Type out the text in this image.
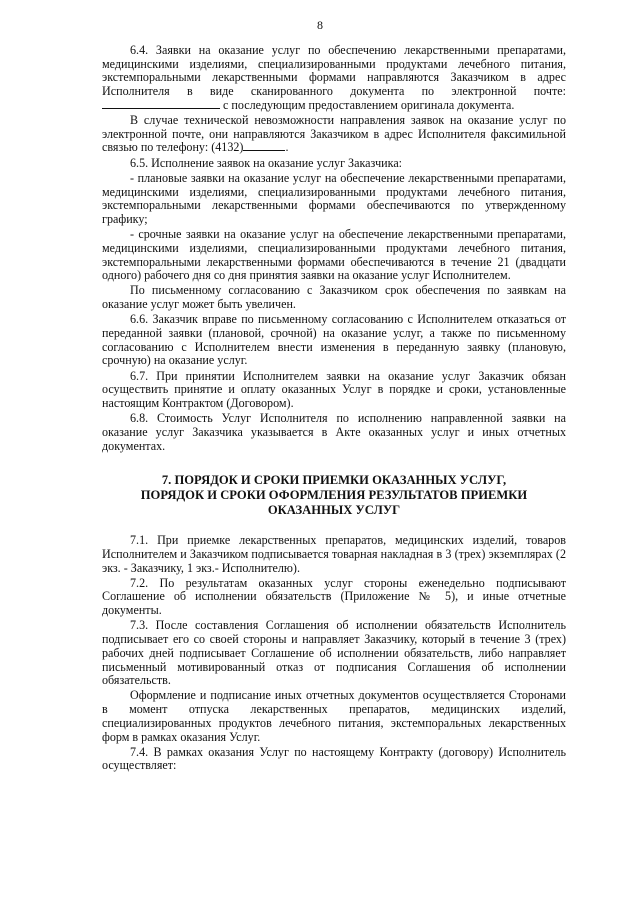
8

6.4. Заявки на оказание услуг по обеспечению лекарственными препаратами, медицинскими изделиями, специализированными продуктами лечебного питания, экстемпоральными лекарственными формами направляются Заказчиком в адрес Исполнителя в виде сканированного документа по электронной почте:  с последующим предоставлением оригинала документа.

В случае технической невозможности направления заявок на оказание услуг по электронной почте, они направляются Заказчиком в адрес Исполнителя факсимильной связью по телефону: (4132)	.

6.5. Исполнение заявок на оказание услуг Заказчика:

- плановые заявки на оказание услуг на обеспечение лекарственными препаратами, медицинскими изделиями, специализированными продуктами лечебного питания, экстемпоральными лекарственными формами обеспечиваются по утвержденному графику;

- срочные заявки на оказание услуг на обеспечение лекарственными препаратами, медицинскими изделиями, специализированными продуктами лечебного питания, экстемпоральными лекарственными формами обеспечиваются в течение 21 (двадцати одного) рабочего дня со дня принятия заявки на оказание услуг Исполнителем.

По письменному согласованию с Заказчиком срок обеспечения по заявкам на оказание услуг может быть увеличен.

6.6. Заказчик вправе по письменному согласованию с Исполнителем отказаться от переданной заявки (плановой, срочной) на оказание услуг, а также по письменному согласованию с Исполнителем внести изменения в переданную заявку (плановую, срочную) на оказание услуг.

6.7. При принятии Исполнителем заявки на оказание услуг Заказчик обязан осуществить принятие и оплату оказанных Услуг в порядке и сроки, установленные настоящим Контрактом (Договором).

6.8. Стоимость Услуг Исполнителя по исполнению направленной заявки на оказание услуг Заказчика указывается в Акте оказанных услуг и иных отчетных документах.

7. ПОРЯДОК И СРОКИ ПРИЕМКИ ОКАЗАННЫХ УСЛУГ,
ПОРЯДОК И СРОКИ ОФОРМЛЕНИЯ РЕЗУЛЬТАТОВ ПРИЕМКИ
ОКАЗАННЫХ УСЛУГ

7.1. При приемке лекарственных препаратов, медицинских изделий, товаров Исполнителем и Заказчиком подписывается товарная накладная в 3 (трех) экземплярах (2 экз. - Заказчику, 1 экз.- Исполнителю).

7.2. По результатам оказанных услуг стороны еженедельно подписывают Соглашение об исполнении обязательств (Приложение № 5), и иные отчетные документы.

7.3. После составления Соглашения об исполнении обязательств Исполнитель подписывает его со своей стороны и направляет Заказчику, который в течение 3 (трех) рабочих дней подписывает Соглашение об исполнении обязательств, либо направляет письменный мотивированный отказ от подписания Соглашения об исполнении обязательств.

Оформление и подписание иных отчетных документов осуществляется Сторонами в момент отпуска лекарственных препаратов, медицинских изделий, специализированных продуктов лечебного питания, экстемпоральных лекарственных форм в рамках оказания Услуг.

7.4. В рамках оказания Услуг по настоящему Контракту (договору) Исполнитель осуществляет:
